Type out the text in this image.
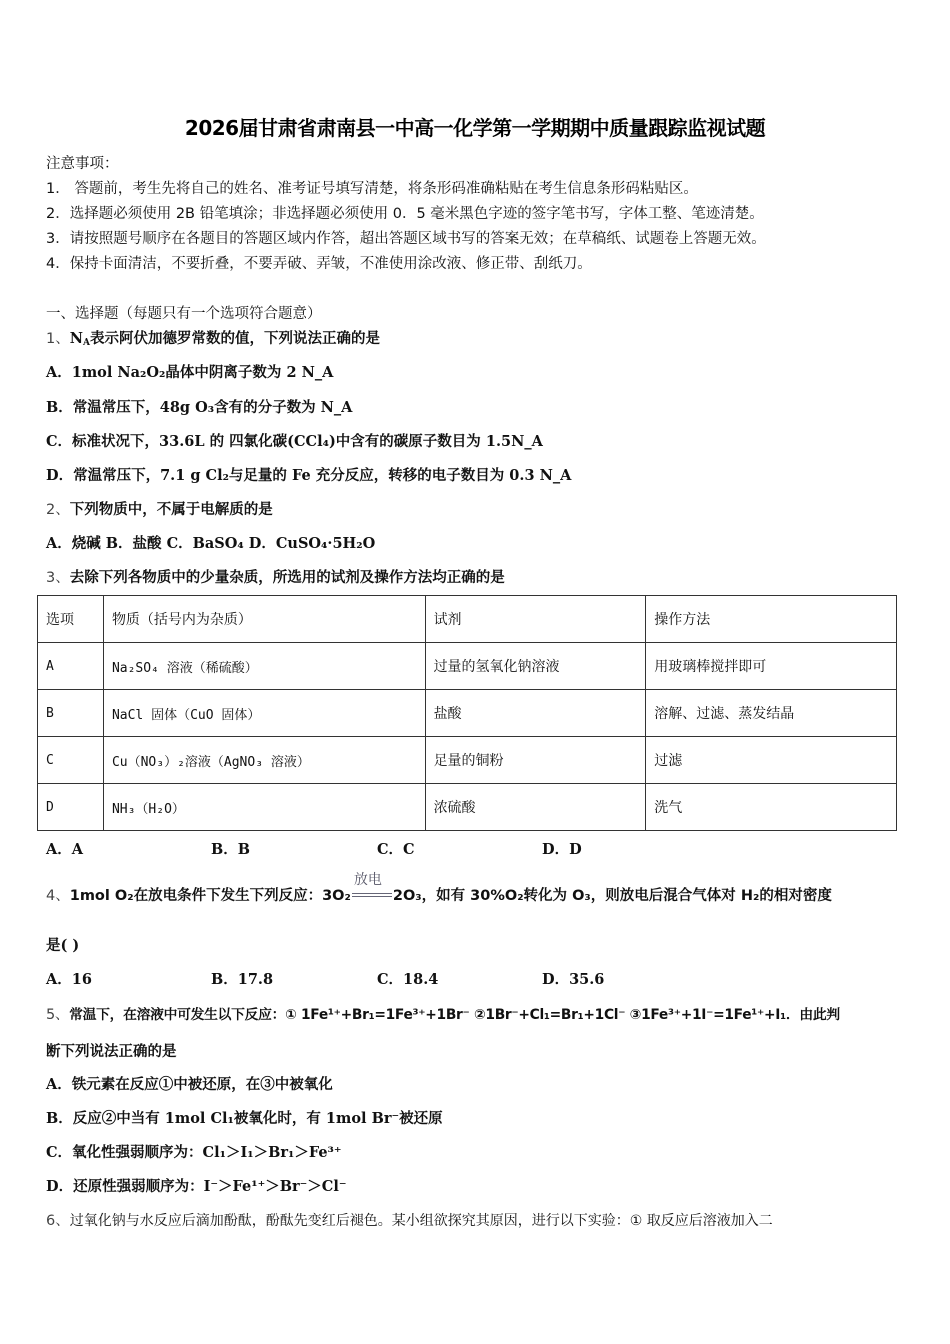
2026届甘肃省肃南县一中高一化学第一学期期中质量跟踪监视试题
注意事项：
1． 答题前，考生先将自己的姓名、准考证号填写清楚，将条形码准确粘贴在考生信息条形码粘贴区。
2．选择题必须使用 2B 铅笔填涂；非选择题必须使用 0．5 毫米黑色字迹的签字笔书写，字体工整、笔迹清楚。
3．请按照题号顺序在各题目的答题区域内作答，超出答题区域书写的答案无效；在草稿纸、试题卷上答题无效。
4．保持卡面清洁，不要折叠，不要弄破、弄皱，不准使用涂改液、修正带、刮纸刀。
一、选择题（每题只有一个选项符合题意）
1、$N_A$表示阿伏加德罗常数的值，下列说法正确的是
A．1mol Na₂O₂晶体中阴离子数为 2 N_A
B．常温常压下，48g O₃含有的分子数为 N_A
C．标准状况下，33.6L 的 四氯化碳(CCl₄)中含有的碳原子数目为 1.5N_A
D．常温常压下，7.1 g Cl₂与足量的 Fe 充分反应，转移的电子数目为 0.3 N_A
2、下列物质中，不属于电解质的是
A．烧碱 B．盐酸 C．BaSO₄ D．CuSO₄·5H₂O
3、去除下列各物质中的少量杂质，所选用的试剂及操作方法均正确的是
选项	物质（括号内为杂质）	试剂	操作方法
A	Na₂SO₄ 溶液（稀硫酸）	过量的氢氧化钠溶液	用玻璃棒搅拌即可
B	NaCl 固体（CuO 固体）	盐酸	溶解、过滤、蒸发结晶
C	Cu（NO₃）₂溶液（AgNO₃ 溶液）	足量的铜粉	过滤
D	NH₃（H₂O）	浓硫酸	洗气
A．A	B．B	C．C	D．D
4、1mol O₂在放电条件下发生下列反应：3O₂
放电
2O₃，如有 30%O₂转化为 O₃，则放电后混合气体对 H₂的相对密度
是( )
A．16	B．17.8	C．18.4	D．35.6
5、常温下，在溶液中可发生以下反应：① 1Fe¹⁺+Br₁=1Fe³⁺+1Br⁻ ②1Br⁻+Cl₁=Br₁+1Cl⁻ ③1Fe³⁺+1I⁻=1Fe¹⁺+I₁．由此判
断下列说法正确的是
A．铁元素在反应①中被还原，在③中被氧化
B．反应②中当有 1mol Cl₁被氧化时，有 1mol Br⁻被还原
C．氧化性强弱顺序为：Cl₁＞I₁＞Br₁＞Fe³⁺
D．还原性强弱顺序为：I⁻＞Fe¹⁺＞Br⁻＞Cl⁻
6、过氧化钠与水反应后滴加酚酞，酚酞先变红后褪色。某小组欲探究其原因，进行以下实验：① 取反应后溶液加入二
